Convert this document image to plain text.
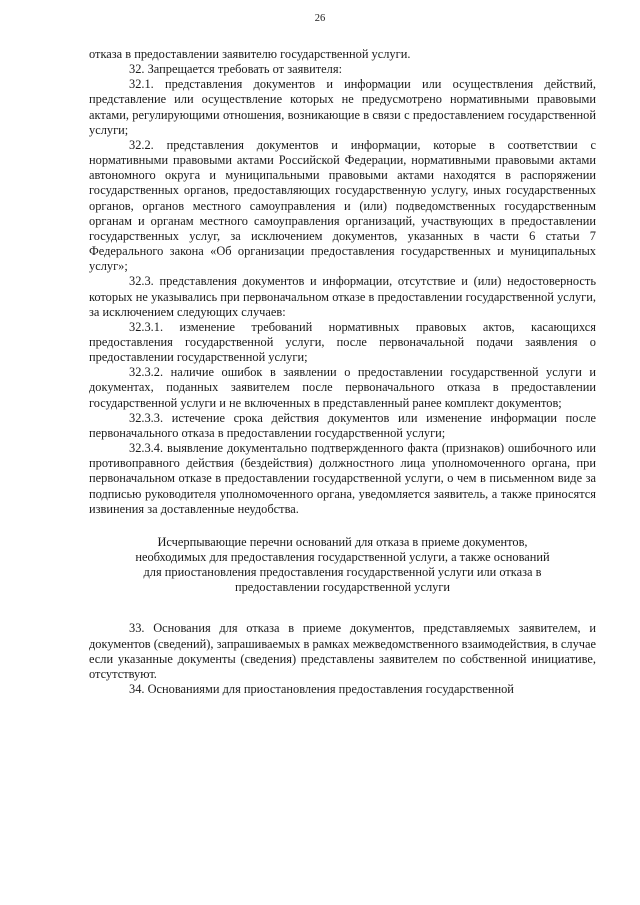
26

отказа в предоставлении заявителю государственной услуги.

32. Запрещается требовать от заявителя:

32.1. представления документов и информации или осуществления действий, представление или осуществление которых не предусмотрено нормативными правовыми актами, регулирующими отношения, возникающие в связи с предоставлением государственной услуги;

32.2. представления документов и информации, которые в соответствии с нормативными правовыми актами Российской Федерации, нормативными правовыми актами автономного округа и муниципальными правовыми актами находятся в распоряжении государственных органов, предоставляющих государственную услугу, иных государственных органов, органов местного самоуправления и (или) подведомственных государственным органам и органам местного самоуправления организаций, участвующих в предоставлении государственных услуг, за исключением документов, указанных в части 6 статьи 7 Федерального закона «Об организации предоставления государственных и муниципальных услуг»;

32.3. представления документов и информации, отсутствие и (или) недостоверность которых не указывались при первоначальном отказе в предоставлении государственной услуги, за исключением следующих случаев:

32.3.1. изменение требований нормативных правовых актов, касающихся предоставления государственной услуги, после первоначальной подачи заявления о предоставлении государственной услуги;

32.3.2. наличие ошибок в заявлении о предоставлении государственной услуги и документах, поданных заявителем после первоначального отказа в предоставлении государственной услуги и не включенных в представленный ранее комплект документов;

32.3.3. истечение срока действия документов или изменение информации после первоначального отказа в предоставлении государственной услуги;

32.3.4. выявление документально подтвержденного факта (признаков) ошибочного или противоправного действия (бездействия) должностного лица уполномоченного органа, при первоначальном отказе в предоставлении государственной услуги, о чем в письменном виде за подписью руководителя уполномоченного органа, уведомляется заявитель, а также приносятся извинения за доставленные неудобства.

Исчерпывающие перечни оснований для отказа в приеме документов,
необходимых для предоставления государственной услуги, а также оснований
для приостановления предоставления государственной услуги или отказа в
предоставлении государственной услуги

33. Основания для отказа в приеме документов, представляемых заявителем, и документов (сведений), запрашиваемых в рамках межведомственного взаимодействия, в случае если указанные документы (сведения) представлены заявителем по собственной инициативе, отсутствуют.

34. Основаниями для приостановления предоставления государственной
